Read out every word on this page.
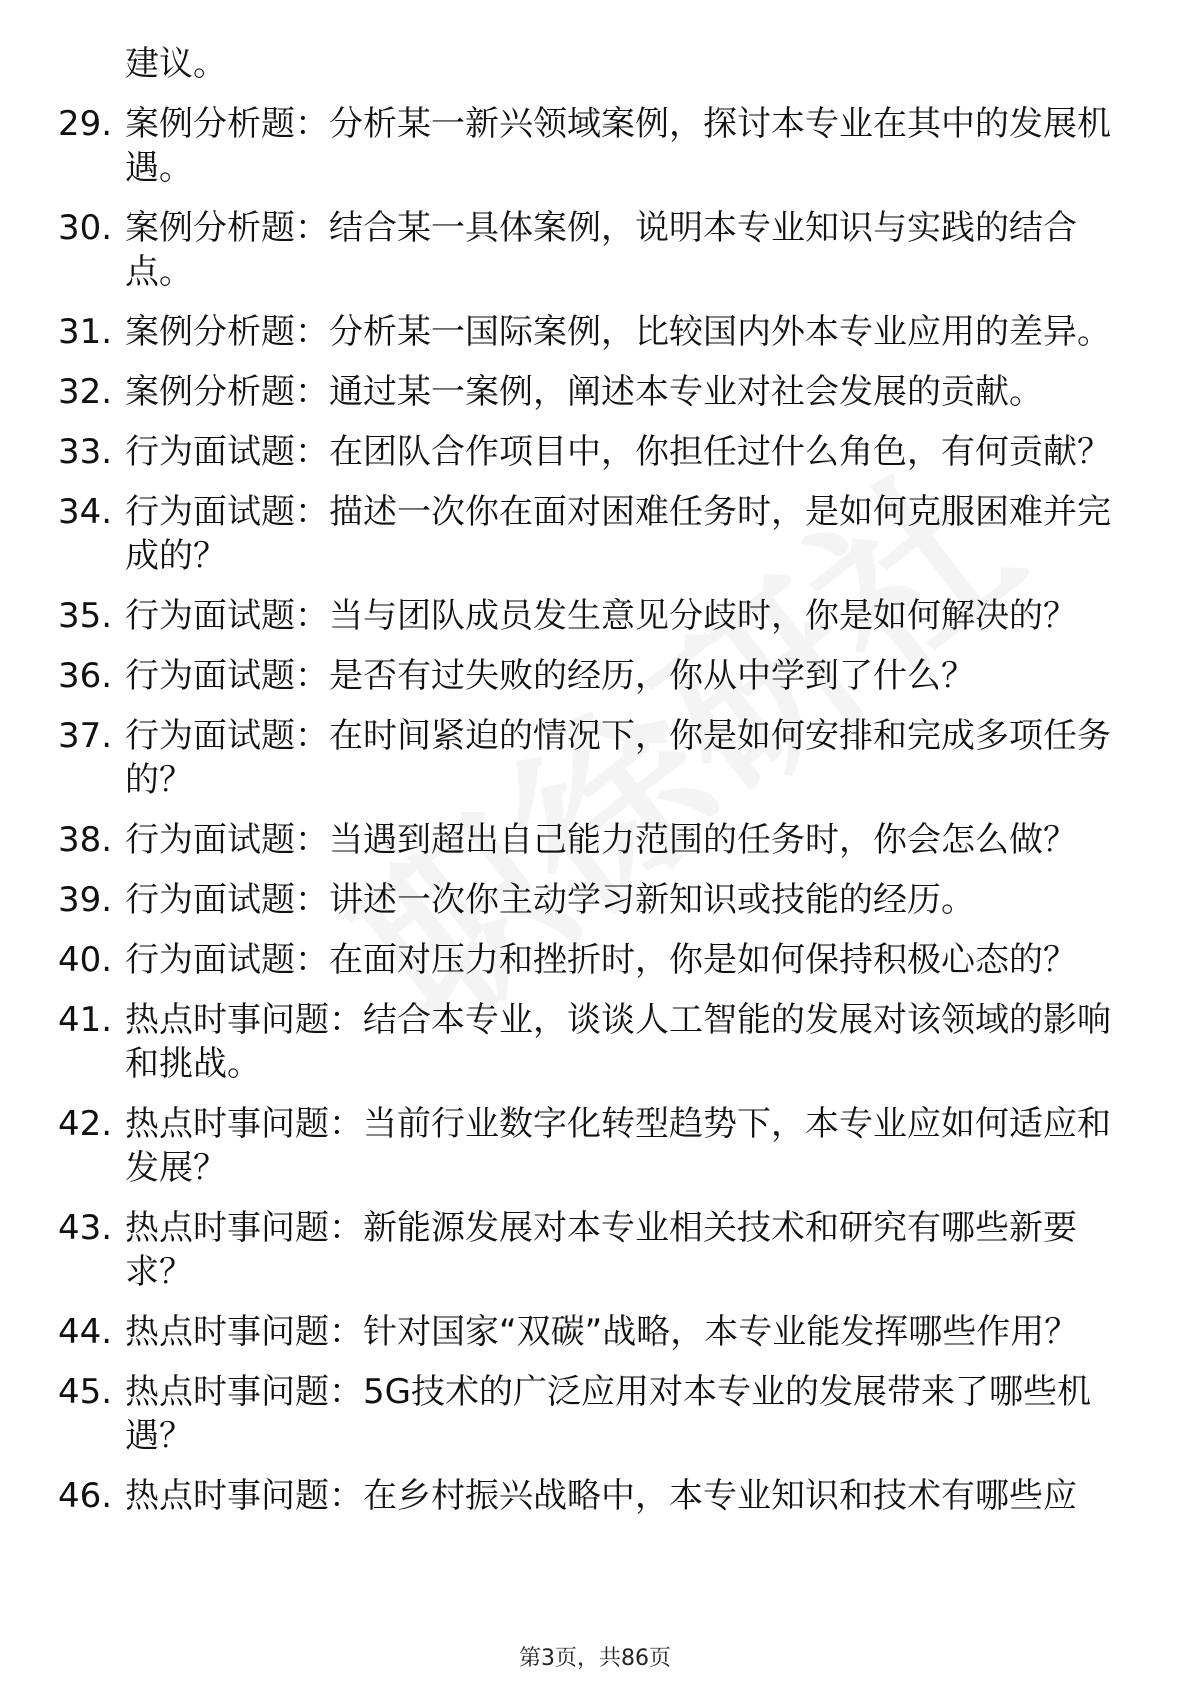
建议。
29. 案例分析题：分析某一新兴领域案例，探讨本专业在其中的发展机遇。
30. 案例分析题：结合某一具体案例，说明本专业知识与实践的结合点。
31. 案例分析题：分析某一国际案例，比较国内外本专业应用的差异。
32. 案例分析题：通过某一案例，阐述本专业对社会发展的贡献。
33. 行为面试题：在团队合作项目中，你担任过什么角色，有何贡献？
34. 行为面试题：描述一次你在面对困难任务时，是如何克服困难并完成的？
35. 行为面试题：当与团队成员发生意见分歧时，你是如何解决的？
36. 行为面试题：是否有过失败的经历，你从中学到了什么？
37. 行为面试题：在时间紧迫的情况下，你是如何安排和完成多项任务的？
38. 行为面试题：当遇到超出自己能力范围的任务时，你会怎么做？
39. 行为面试题：讲述一次你主动学习新知识或技能的经历。
40. 行为面试题：在面对压力和挫折时，你是如何保持积极心态的？
41. 热点时事问题：结合本专业，谈谈人工智能的发展对该领域的影响和挑战。
42. 热点时事问题：当前行业数字化转型趋势下，本专业应如何适应和发展？
43. 热点时事问题：新能源发展对本专业相关技术和研究有哪些新要求？
44. 热点时事问题：针对国家“双碳”战略，本专业能发挥哪些作用？
45. 热点时事问题：5G技术的广泛应用对本专业的发展带来了哪些机遇？
46. 热点时事问题：在乡村振兴战略中，本专业知识和技术有哪些应
第3页，共86页
